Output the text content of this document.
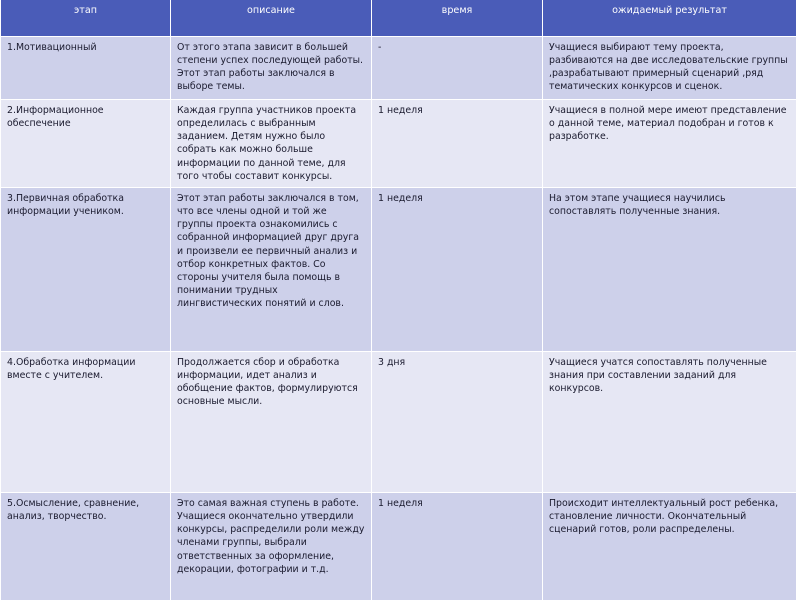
этап	описание	время	ожидаемый результат
1.Мотивационный	От этого этапа зависит в большей степени успех последующей работы. Этот этап работы заключался в выборе темы.	-	Учащиеся выбирают тему проекта, разбиваются на две исследовательские группы ,разрабатывают примерный сценарий ,ряд тематических конкурсов и сценок.
2.Информационное обеспечение	Каждая группа участников проекта определилась с выбранным заданием. Детям нужно было собрать как можно больше информации по данной теме, для того чтобы составит конкурсы.	1 неделя	Учащиеся в полной мере имеют представление о данной теме, материал подобран и готов к разработке.
3.Первичная обработка информации учеником.	Этот этап работы заключался в том, что все члены одной и той же группы проекта ознакомились с собранной информацией друг друга и произвели ее первичный анализ и отбор конкретных фактов. Со стороны учителя была помощь в понимании трудных лингвистических понятий и слов.	1 неделя	На этом этапе учащиеся научились сопоставлять полученные знания.
4.Обработка информации вместе с учителем.	Продолжается сбор и обработка информации, идет анализ и обобщение фактов, формулируются основные мысли.	3 дня	Учащиеся учатся сопоставлять полученные знания при составлении заданий для конкурсов.
5.Осмысление, сравнение, анализ, творчество.	Это самая важная ступень в работе. Учащиеся окончательно утвердили конкурсы, распределили роли между членами группы, выбрали ответственных за оформление, декорации, фотографии и т.д.	1 неделя	Происходит интеллектуальный рост ребенка, становление личности. Окончательный сценарий готов, роли распределены.
